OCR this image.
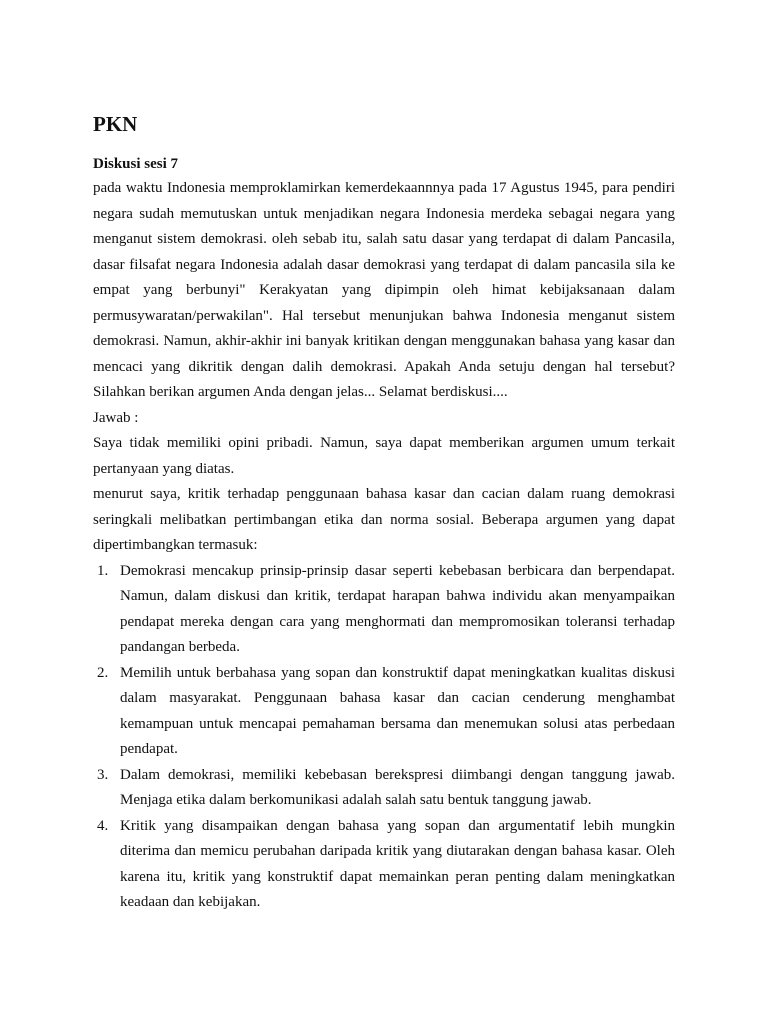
PKN
Diskusi sesi 7

pada waktu Indonesia memproklamirkan kemerdekaannnya pada 17 Agustus 1945, para pendiri negara sudah memutuskan untuk menjadikan negara Indonesia merdeka sebagai negara yang menganut sistem demokrasi. oleh sebab itu, salah satu dasar yang terdapat di dalam Pancasila, dasar filsafat negara Indonesia adalah dasar demokrasi yang terdapat di dalam pancasila sila ke empat yang berbunyi" Kerakyatan yang dipimpin oleh himat kebijaksanaan dalam permusywaratan/perwakilan". Hal tersebut menunjukan bahwa Indonesia menganut sistem demokrasi. Namun, akhir-akhir ini banyak kritikan dengan menggunakan bahasa yang kasar dan mencaci yang dikritik dengan dalih demokrasi. Apakah Anda setuju dengan hal tersebut? Silahkan berikan argumen Anda dengan jelas... Selamat berdiskusi....

Jawab :

Saya tidak memiliki opini pribadi. Namun, saya dapat memberikan argumen umum terkait pertanyaan yang diatas.

menurut saya, kritik terhadap penggunaan bahasa kasar dan cacian dalam ruang demokrasi seringkali melibatkan pertimbangan etika dan norma sosial. Beberapa argumen yang dapat dipertimbangkan termasuk:

1. Demokrasi mencakup prinsip-prinsip dasar seperti kebebasan berbicara dan berpendapat. Namun, dalam diskusi dan kritik, terdapat harapan bahwa individu akan menyampaikan pendapat mereka dengan cara yang menghormati dan mempromosikan toleransi terhadap pandangan berbeda.
2. Memilih untuk berbahasa yang sopan dan konstruktif dapat meningkatkan kualitas diskusi dalam masyarakat. Penggunaan bahasa kasar dan cacian cenderung menghambat kemampuan untuk mencapai pemahaman bersama dan menemukan solusi atas perbedaan pendapat.
3. Dalam demokrasi, memiliki kebebasan berekspresi diimbangi dengan tanggung jawab. Menjaga etika dalam berkomunikasi adalah salah satu bentuk tanggung jawab.
4. Kritik yang disampaikan dengan bahasa yang sopan dan argumentatif lebih mungkin diterima dan memicu perubahan daripada kritik yang diutarakan dengan bahasa kasar. Oleh karena itu, kritik yang konstruktif dapat memainkan peran penting dalam meningkatkan keadaan dan kebijakan.
